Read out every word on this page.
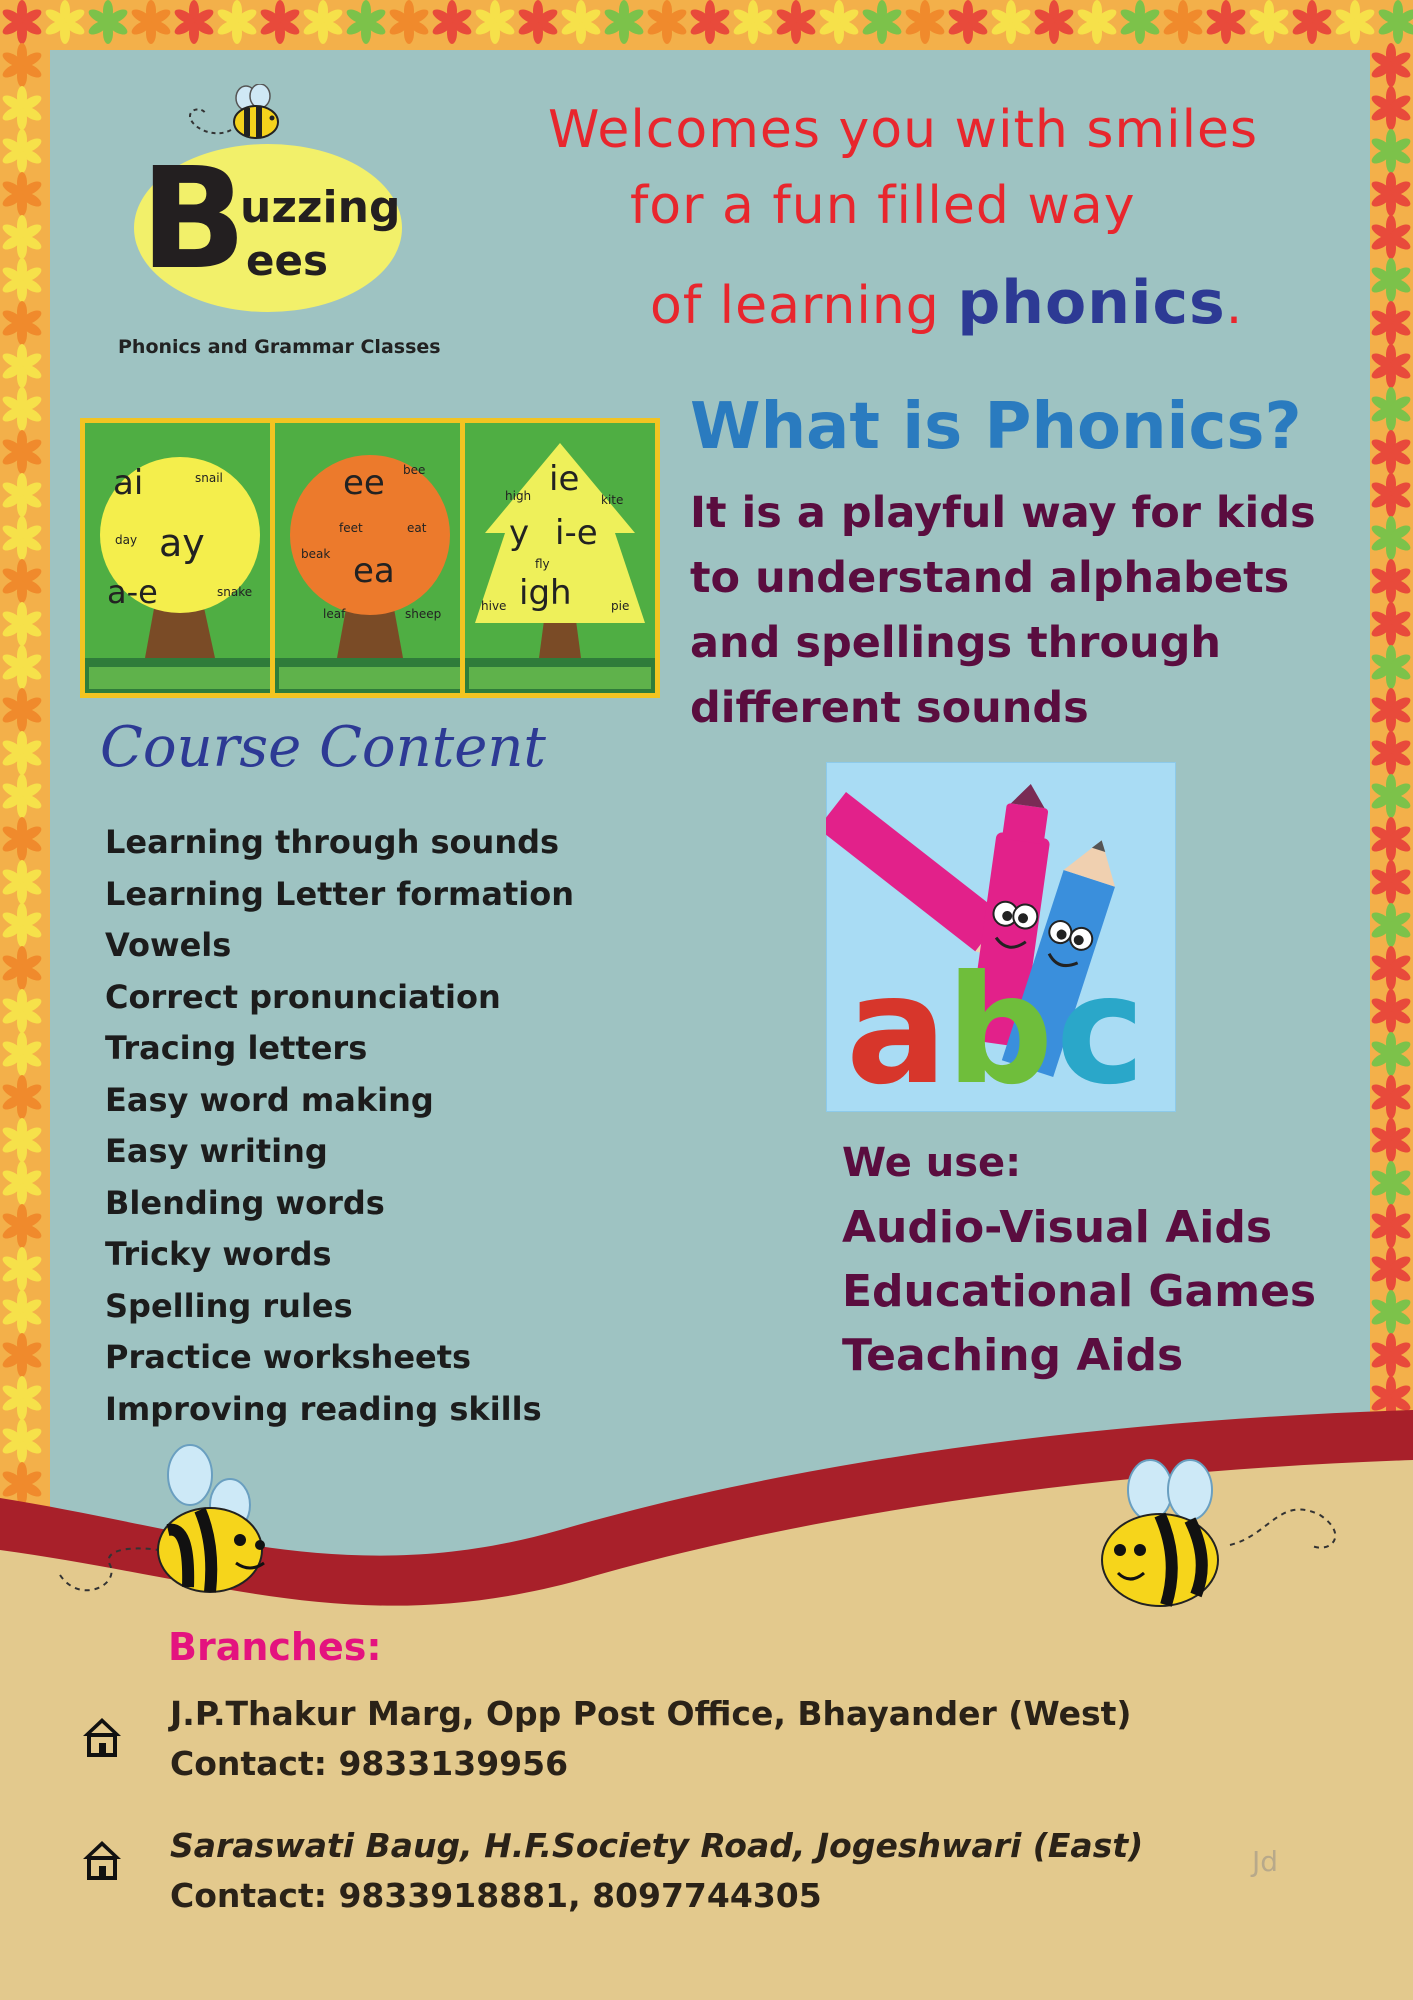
B
uzzing
ees
Phonics and Grammar Classes
Welcomes you with smiles
for a fun filled way
of learning phonics.
ai
ay
a-e
snail
day
snake
ee
ea
bee
feet	eat
beak
leaf	sheep
ie
y i-e
igh
high	kite
fly
hive	pie
What is Phonics?
It is a playful way for kids
to understand alphabets
and spellings through
different sounds
Course Content
a
b c
We use:
Audio-Visual Aids
Educational Games
Teaching Aids
Branches:
J.P.Thakur Marg, Opp Post Office, Bhayander (West)
Contact: 9833139956
Saraswati Baug, H.F.Society Road, Jogeshwari (East)
Contact: 9833918881, 8097744305
Jd
Learning through sounds
Learning Letter formation
Vowels
Correct pronunciation
Tracing letters
Easy word making
Easy writing
Blending words
Tricky words
Spelling rules
Practice worksheets
Improving reading skills
